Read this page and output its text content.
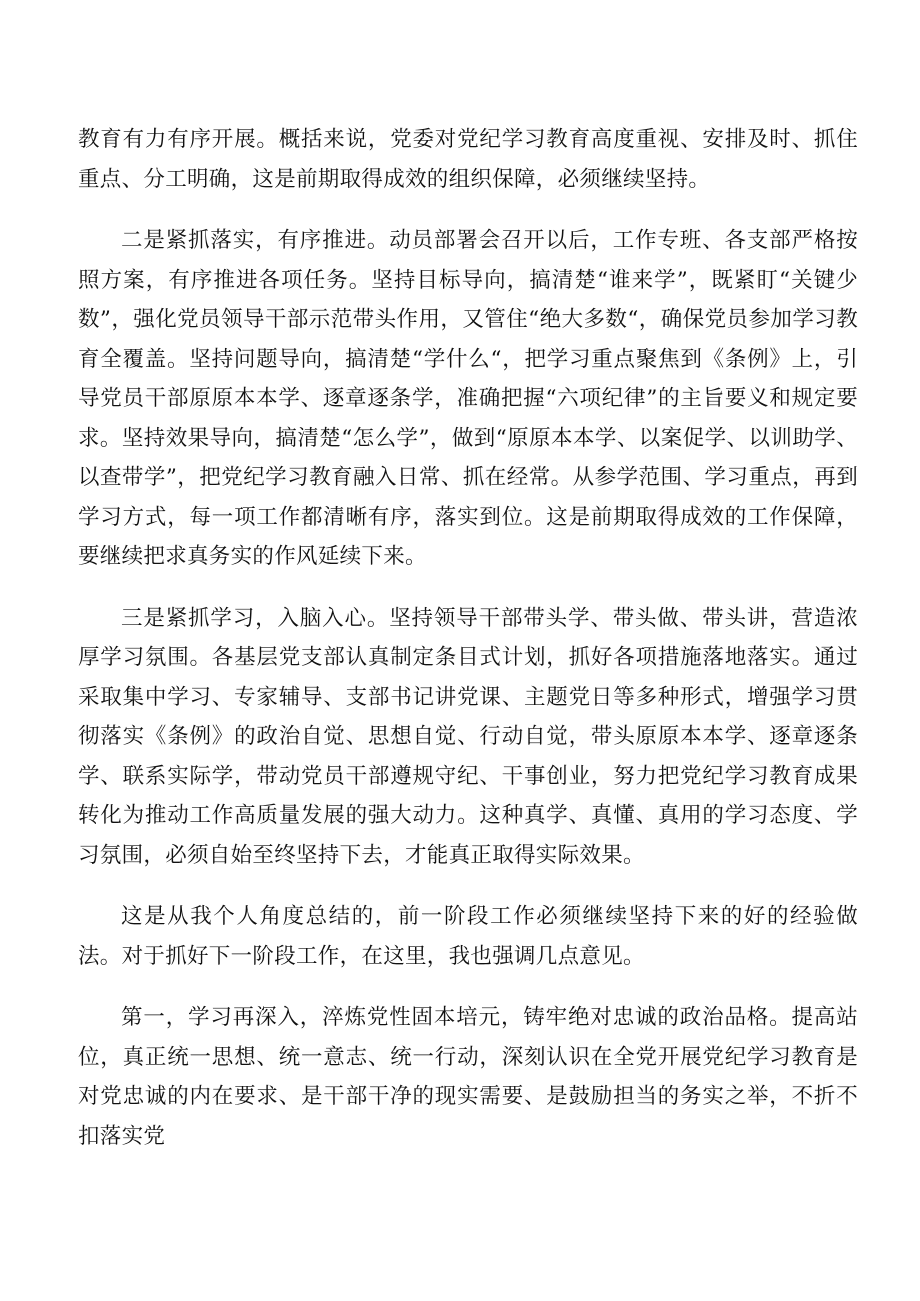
教育有力有序开展。概括来说，党委对党纪学习教育高度重视、安排及时、抓住重点、分工明确，这是前期取得成效的组织保障，必须继续坚持。

二是紧抓落实，有序推进。动员部署会召开以后，工作专班、各支部严格按照方案，有序推进各项任务。坚持目标导向，搞清楚“谁来学”，既紧盯“关键少数”，强化党员领导干部示范带头作用，又管住“绝大多数“，确保党员参加学习教育全覆盖。坚持问题导向，搞清楚“学什么“，把学习重点聚焦到《条例》上，引导党员干部原原本本学、逐章逐条学，准确把握“六项纪律”的主旨要义和规定要求。坚持效果导向，搞清楚“怎么学”，做到“原原本本学、以案促学、以训助学、以查带学”，把党纪学习教育融入日常、抓在经常。从参学范围、学习重点，再到学习方式，每一项工作都清晰有序，落实到位。这是前期取得成效的工作保障，要继续把求真务实的作风延续下来。

三是紧抓学习，入脑入心。坚持领导干部带头学、带头做、带头讲，营造浓厚学习氛围。各基层党支部认真制定条目式计划，抓好各项措施落地落实。通过采取集中学习、专家辅导、支部书记讲党课、主题党日等多种形式，增强学习贯彻落实《条例》的政治自觉、思想自觉、行动自觉，带头原原本本学、逐章逐条学、联系实际学，带动党员干部遵规守纪、干事创业，努力把党纪学习教育成果转化为推动工作高质量发展的强大动力。这种真学、真懂、真用的学习态度、学习氛围，必须自始至终坚持下去，才能真正取得实际效果。

这是从我个人角度总结的，前一阶段工作必须继续坚持下来的好的经验做法。对于抓好下一阶段工作，在这里，我也强调几点意见。

第一，学习再深入，淬炼党性固本培元，铸牢绝对忠诚的政治品格。提高站位，真正统一思想、统一意志、统一行动，深刻认识在全党开展党纪学习教育是对党忠诚的内在要求、是干部干净的现实需要、是鼓励担当的务实之举，不折不扣落实党
